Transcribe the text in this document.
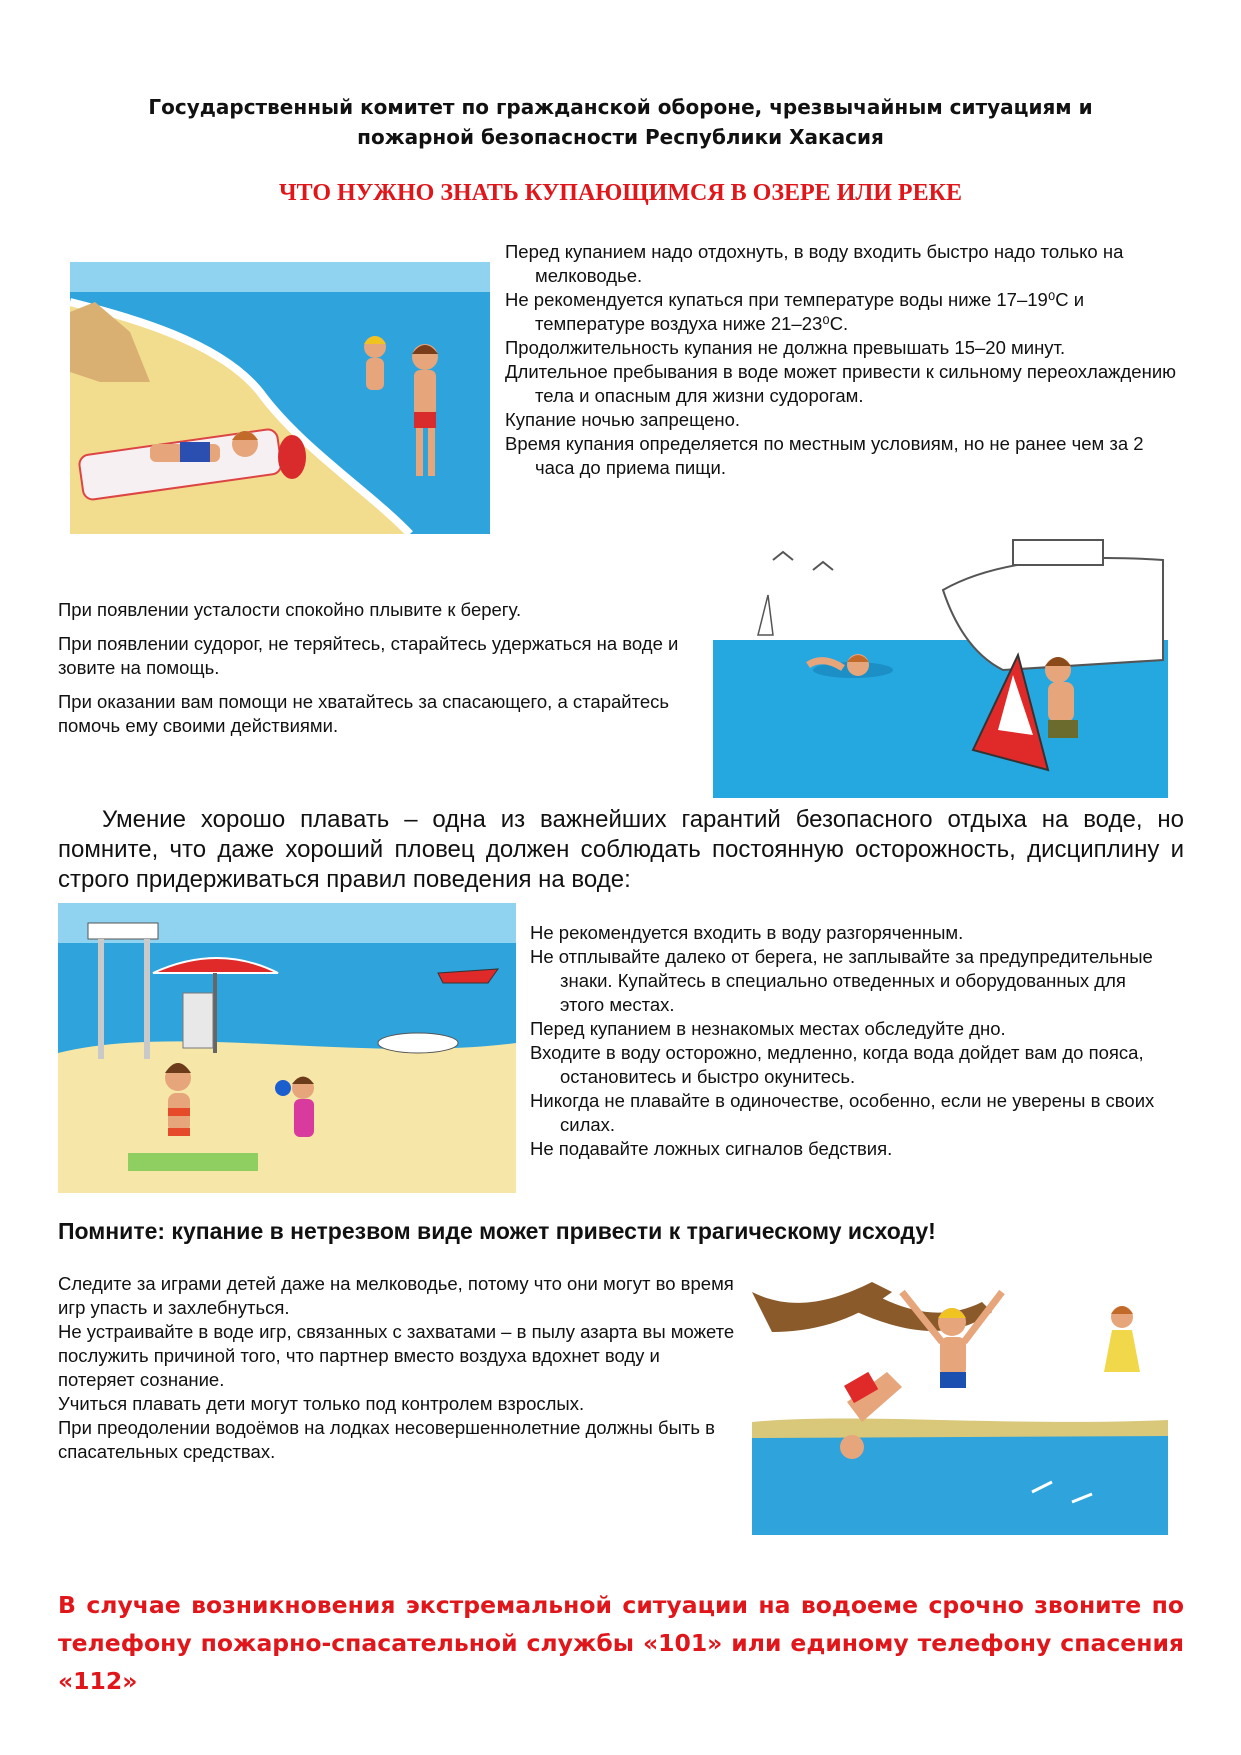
Государственный комитет по гражданской обороне, чрезвычайным ситуациям и пожарной безопасности Республики Хакасия
ЧТО НУЖНО ЗНАТЬ КУПАЮЩИМСЯ В ОЗЕРЕ ИЛИ РЕКЕ
Перед купанием надо отдохнуть, в воду входить быстро надо только на мелководье.
Не рекомендуется купаться при температуре воды ниже 17–19⁰С и температуре воздуха ниже 21–23⁰С.
Продолжительность купания не должна превышать 15–20 минут.
Длительное пребывания в воде может привести к сильному переохлаждению тела и опасным для жизни судорогам.
Купание ночью запрещено.
Время купания определяется по местным условиям, но не ранее чем за 2 часа до приема пищи.

При появлении усталости спокойно плывите к берегу.

При появлении судорог, не теряйтесь, старайтесь удержаться на воде и зовите на помощь.

При оказании вам помощи не хватайтесь за спасающего, а старайтесь помочь ему своими действиями.

Умение хорошо плавать – одна из важнейших гарантий безопасного отдыха на воде, но помните, что даже хороший пловец должен соблюдать постоянную осторожность, дисциплину и строго придерживаться правил поведения на воде:
Не рекомендуется входить в воду разгоряченным.
Не отплывайте далеко от берега, не заплывайте за предупредительные знаки. Купайтесь в специально отведенных и оборудованных для этого местах.
Перед купанием в незнакомых местах обследуйте дно.
Входите в воду осторожно, медленно, когда вода дойдет вам до пояса, остановитесь и быстро окунитесь.
Никогда не плавайте в одиночестве, особенно, если не уверены в своих силах.
Не подавайте ложных сигналов бедствия.
Помните: купание в нетрезвом виде может привести к трагическому исходу!
Следите за играми детей даже на мелководье, потому что они могут во время игр упасть и захлебнуться.
Не устраивайте в воде игр, связанных с захватами – в пылу азарта вы можете послужить причиной того, что партнер вместо воздуха вдохнет воду и потеряет сознание.
Учиться плавать дети могут только под контролем взрослых.
При преодолении водоёмов на лодках несовершеннолетние должны быть в спасательных средствах.
В случае возникновения экстремальной ситуации на водоеме срочно звоните по телефону пожарно-спасательной службы «101» или единому телефону спасения «112»
